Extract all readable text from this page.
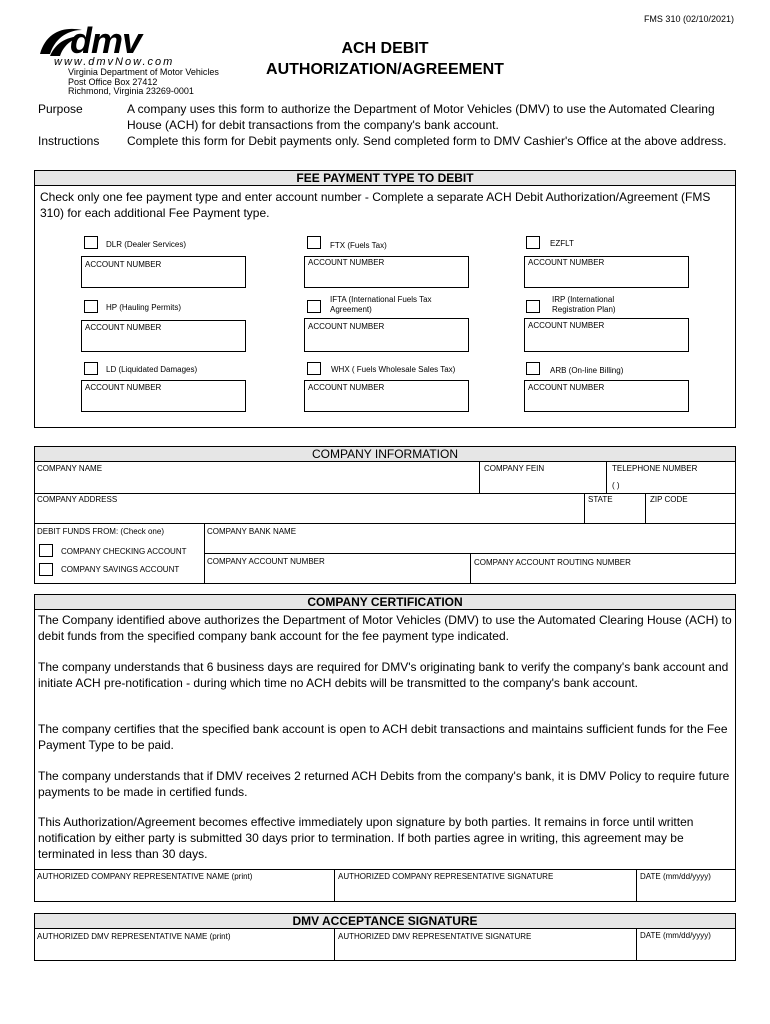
FMS 310 (02/10/2021)
dmv
www.dmvNow.com
Virginia Department of Motor Vehicles
Post Office Box 27412
Richmond, Virginia 23269-0001
ACH DEBIT
AUTHORIZATION/AGREEMENT
Purpose	A company uses this form to authorize the Department of Motor Vehicles (DMV) to use the Automated Clearing House (ACH) for debit transactions from the company's bank account.
Instructions Complete this form for Debit payments only. Send completed form to DMV Cashier's Office at the above address.
FEE PAYMENT TYPE TO DEBIT
Check only one fee payment type and enter account number - Complete a separate ACH Debit Authorization/Agreement (FMS 310) for each additional Fee Payment type.
DLR (Dealer Services)
ACCOUNT NUMBER
FTX (Fuels Tax)
ACCOUNT NUMBER
EZFLT
ACCOUNT NUMBER
HP (Hauling Permits)
ACCOUNT NUMBER
IFTA (International Fuels Tax Agreement)
ACCOUNT NUMBER
IRP (International Registration Plan)
ACCOUNT NUMBER
LD (Liquidated Damages)
ACCOUNT NUMBER
WHX ( Fuels Wholesale Sales Tax)
ACCOUNT NUMBER
ARB (On-line Billing)
ACCOUNT NUMBER
COMPANY INFORMATION
COMPANY NAME	COMPANY FEIN	TELEPHONE NUMBER
( )
COMPANY ADDRESS	STATE	ZIP CODE
DEBIT FUNDS FROM: (Check one)
COMPANY CHECKING ACCOUNT
COMPANY SAVINGS ACCOUNT
COMPANY BANK NAME
COMPANY ACCOUNT NUMBER	COMPANY ACCOUNT ROUTING NUMBER
COMPANY CERTIFICATION
The Company identified above authorizes the Department of Motor Vehicles (DMV) to use the Automated Clearing House (ACH) to debit funds from the specified company bank account for the fee payment type indicated.
The company understands that 6 business days are required for DMV's originating bank to verify the company's bank account and initiate ACH pre-notification - during which time no ACH debits will be transmitted to the company's bank account.
The company certifies that the specified bank account is open to ACH debit transactions and maintains sufficient funds for the Fee Payment Type to be paid.
The company understands that if DMV receives 2 returned ACH Debits from the company's bank, it is DMV Policy to require future payments to be made in certified funds.
This Authorization/Agreement becomes effective immediately upon signature by both parties. It remains in force until written notification by either party is submitted 30 days prior to termination. If both parties agree in writing, this agreement may be terminated in less than 30 days.
AUTHORIZED COMPANY REPRESENTATIVE NAME (print)	AUTHORIZED COMPANY REPRESENTATIVE SIGNATURE	DATE (mm/dd/yyyy)
DMV ACCEPTANCE SIGNATURE
AUTHORIZED DMV REPRESENTATIVE NAME (print)	AUTHORIZED DMV REPRESENTATIVE SIGNATURE	DATE (mm/dd/yyyy)
